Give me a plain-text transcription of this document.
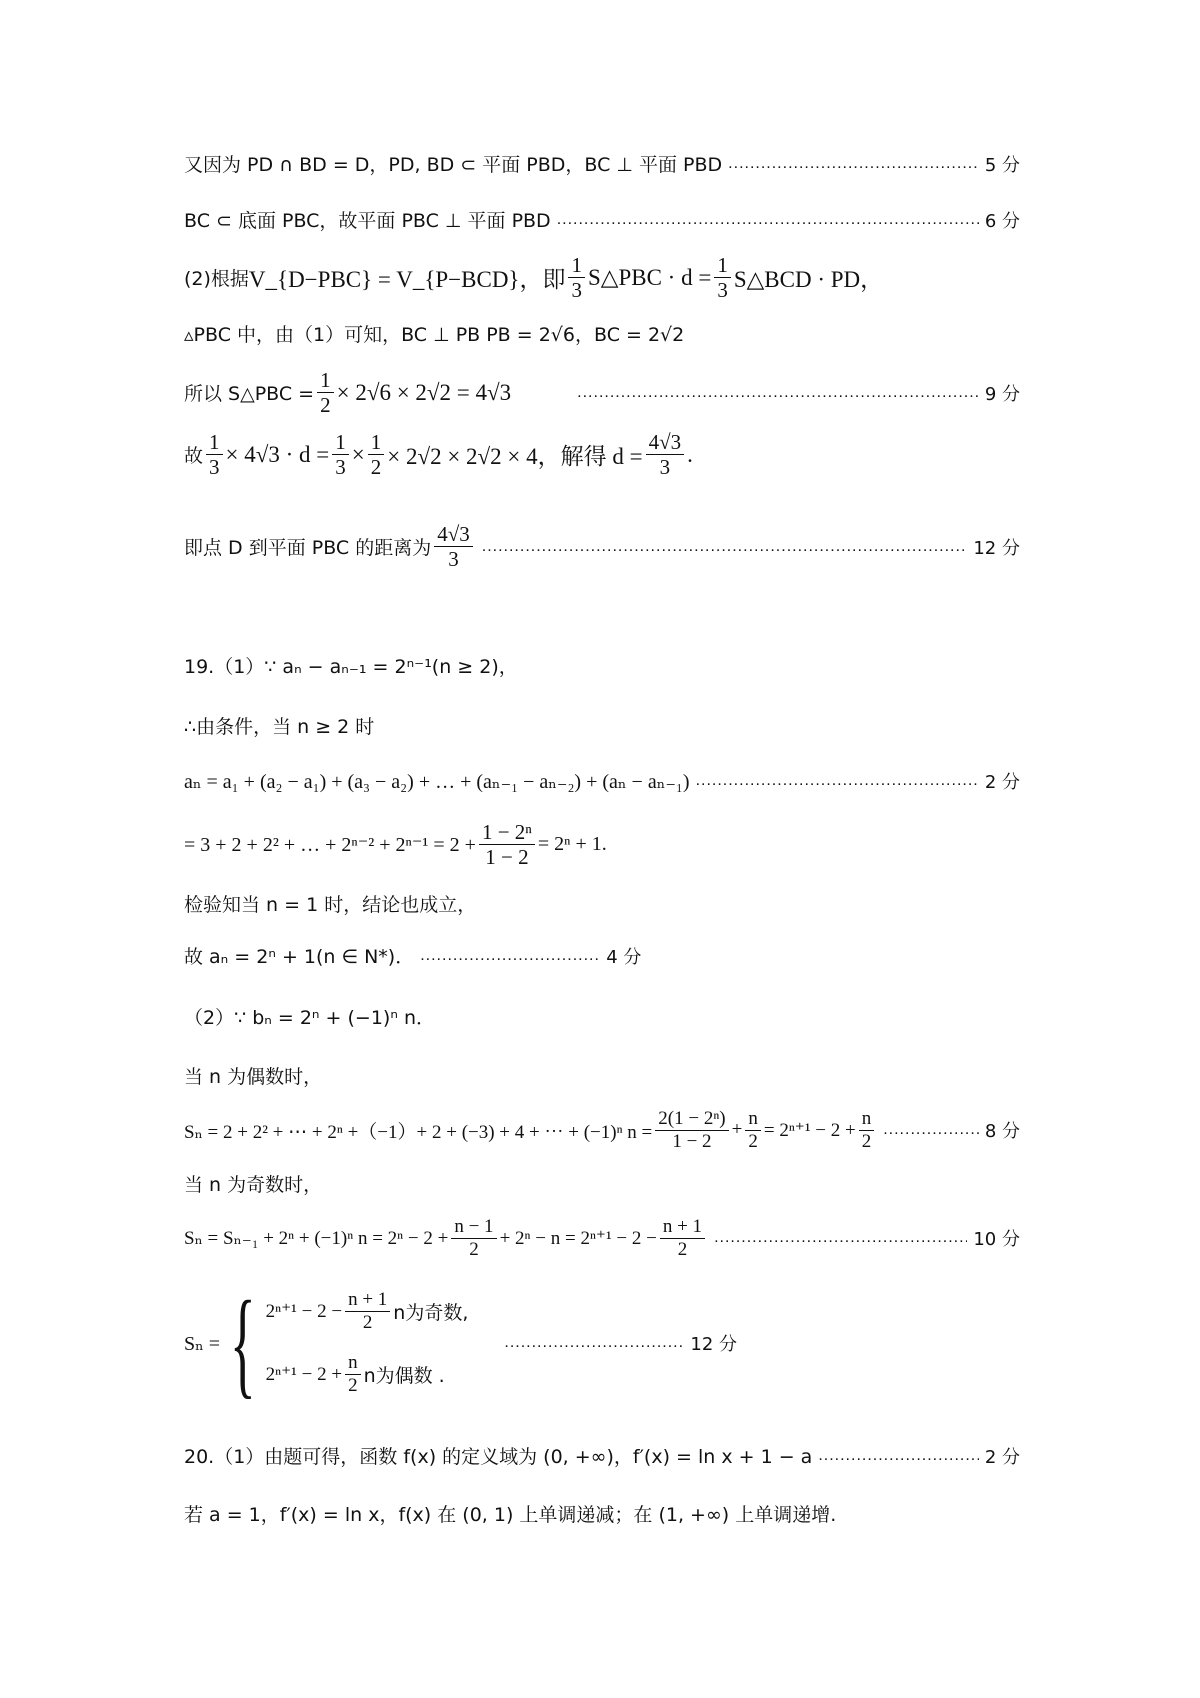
又因为 PD ∩ BD = D，PD, BD ⊂ 平面 PBD，BC ⊥ 平面 PBD .....	5 分
BC ⊂ 底面 PBC，故平面 PBC ⊥ 平面 PBD .....	6 分
(2)根据 V_{D−PBC} = V_{P−BCD}，即 $\frac{1}{3}$ S△PBC · $d = \frac{1}{3}$ S△BCD · PD，
▵PBC 中，由（1）可知，BC ⊥ PB PB = 2√6，BC = 2√2
所以 S△PBC = $\frac{1}{2} \times 2√6 \times 2√2 = 4√3$ .....	9 分
故 $\frac{1}{3} \times 4√3 \cdot d = \frac{1}{3} \times \frac{1}{2} \times 2√2 \times 2√2 \times 4$，解得 $d = \frac{4√3}{3}$ .
即点 D 到平面 PBC 的距离为 $\frac{4√3}{3}$ .....	12 分
19.（1）∵ aₙ − aₙ₋₁ = 2ⁿ⁻¹(n ≥ 2)，
∴由条件，当 n ≥ 2 时
aₙ = a₁ + (a₂ − a₁) + (a₃ − a₂) + … + (aₙ₋₁ − aₙ₋₂) + (aₙ − aₙ₋₁) .....	2 分
= 3 + 2 + 2² + … + $2^{n-2} + 2^{n-1} = 2 + \frac{\text{1 − 2ⁿ}}{1 - 2} = 2^n + 1$.
检验知当 n = 1 时，结论也成立，
故 aₙ = 2ⁿ + 1(n ∈ N*)． .....	4 分
（2）∵ bₙ = 2ⁿ + (−1)ⁿ n．
当 n 为偶数时，
Sₙ = 2 + 2² + ⋯ + 2ⁿ +（−1）+ 2 + (−3) + 4 + ⋯ + (−1)ⁿ $n = \frac{\text{2(1 − 2ⁿ)}}{1 - 2} + \frac{n}{2} = 2^{n+1} - 2 + \frac{n}{2}$ .....	8 分
当 n 为奇数时，
Sₙ = Sₙ₋₁ + 2ⁿ + (−1)ⁿ $n = 2^n - 2 + \frac{n - 1}{2} + 2^n - n = 2^{n+1} - 2 - \frac{n + 1}{2}$ .....	10 分
Sₙ = { $2^{n+1} - 2 - \frac{n + 1}{2}$ n为奇数,
$2^{n+1} - 2 + \frac{n}{2}$ n为偶数 .
.....
12 分
20.（1）由题可得，函数 f(x) 的定义域为 (0, +∞)，f′(x) = ln x + 1 − a .....	2 分
若 a = 1，f′(x) = ln x，f(x) 在 (0, 1) 上单调递减；在 (1, +∞) 上单调递增.
